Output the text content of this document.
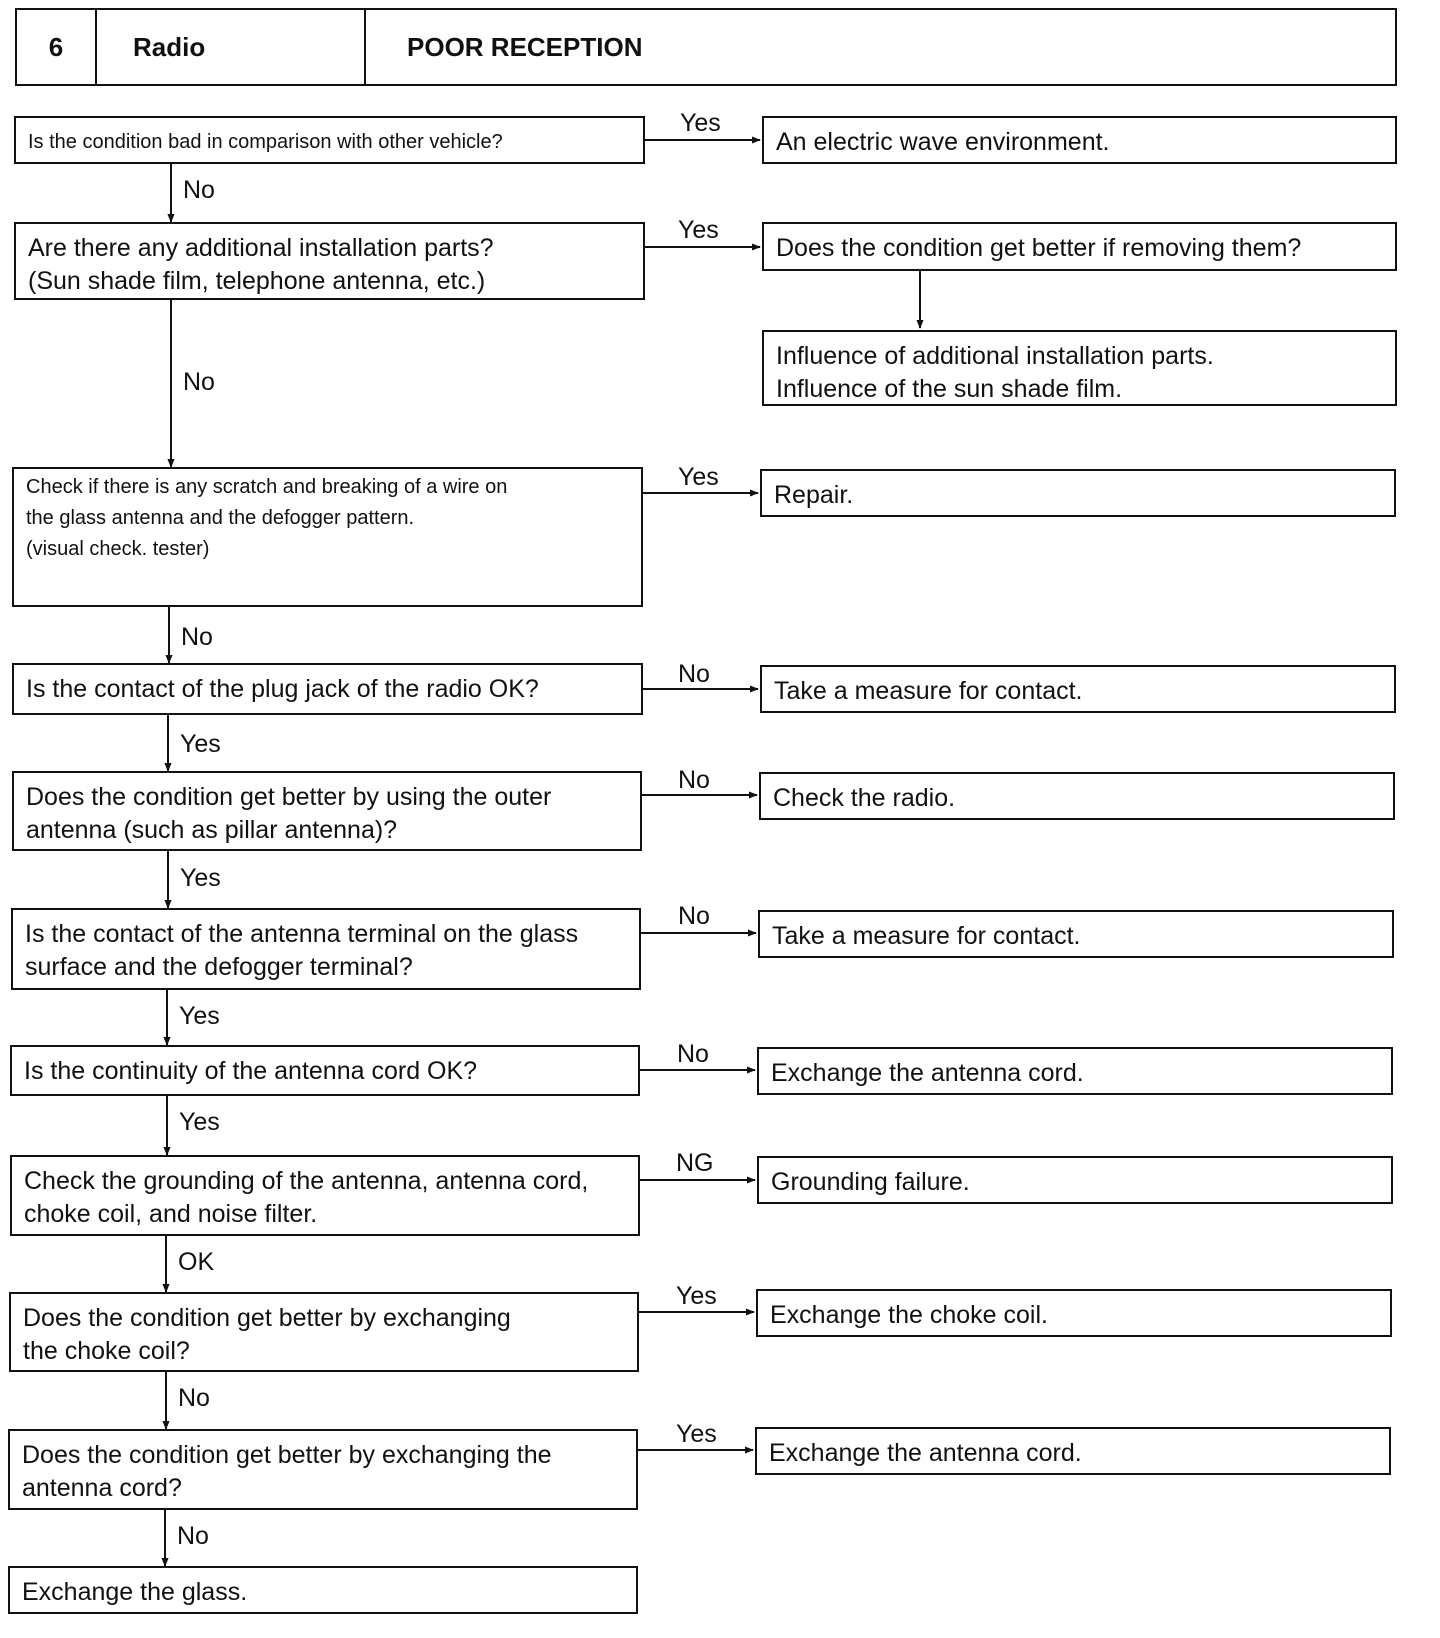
6	Radio	POOR RECEPTION
Yes
Yes
Yes
No
No
No
No
NG
Yes
Yes
No
No
No
Yes
Yes
Yes
Yes
OK
No
No
Is the condition bad in comparison with other vehicle?
Are there any additional installation parts?
(Sun shade film, telephone antenna, etc.)
Check if there is any scratch and breaking of a wire on
the glass antenna and the defogger pattern.
(visual check. tester)
Is the contact of the plug jack of the radio OK?
Does the condition get better by using the outer
antenna (such as pillar antenna)?
Is the contact of the antenna terminal on the glass
surface and the defogger terminal?
Is the continuity of the antenna cord OK?
Check the grounding of the antenna, antenna cord,
choke coil, and noise filter.
Does the condition get better by exchanging
the choke coil?
Does the condition get better by exchanging the
antenna cord?
Exchange the glass.
An electric wave environment.
Does the condition get better if removing them?
Influence of additional installation parts.
Influence of the sun shade film.
Repair.
Take a measure for contact.
Check the radio.
Take a measure for contact.
Exchange the antenna cord.
Grounding failure.
Exchange the choke coil.
Exchange the antenna cord.
